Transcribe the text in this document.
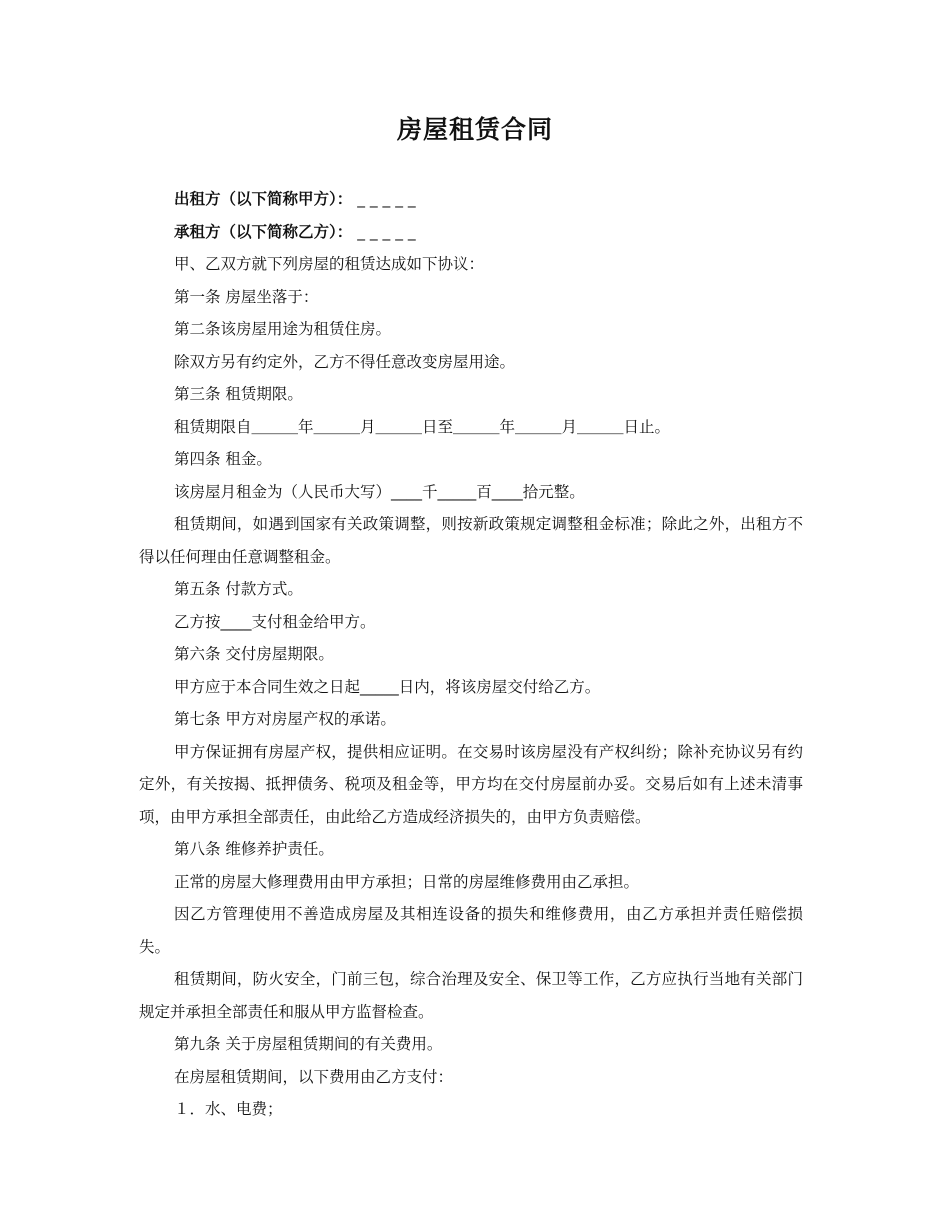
房屋租赁合同

出租方（以下简称甲方）： _ _ _ _ _

承租方（以下简称乙方）： _ _ _ _ _

甲、乙双方就下列房屋的租赁达成如下协议：

第一条 房屋坐落于：

第二条该房屋用途为租赁住房。

除双方另有约定外，乙方不得任意改变房屋用途。

第三条 租赁期限。

租赁期限自＿＿＿年＿＿＿月＿＿＿日至＿＿＿年＿＿＿月＿＿＿日止。

第四条 租金。

该房屋月租金为（人民币大写）____千_____百____拾元整。

租赁期间，如遇到国家有关政策调整，则按新政策规定调整租金标准；除此之外，出租方不得以任何理由任意调整租金。

第五条 付款方式。

乙方按____支付租金给甲方。

第六条 交付房屋期限。

甲方应于本合同生效之日起_____日内，将该房屋交付给乙方。

第七条 甲方对房屋产权的承诺。

甲方保证拥有房屋产权，提供相应证明。在交易时该房屋没有产权纠纷；除补充协议另有约定外，有关按揭、抵押债务、税项及租金等，甲方均在交付房屋前办妥。交易后如有上述未清事项，由甲方承担全部责任，由此给乙方造成经济损失的，由甲方负责赔偿。

第八条 维修养护责任。

正常的房屋大修理费用由甲方承担；日常的房屋维修费用由乙承担。

因乙方管理使用不善造成房屋及其相连设备的损失和维修费用，由乙方承担并责任赔偿损失。

租赁期间，防火安全，门前三包，综合治理及安全、保卫等工作，乙方应执行当地有关部门规定并承担全部责任和服从甲方监督检查。

第九条 关于房屋租赁期间的有关费用。

在房屋租赁期间，以下费用由乙方支付：

１．水、电费；
